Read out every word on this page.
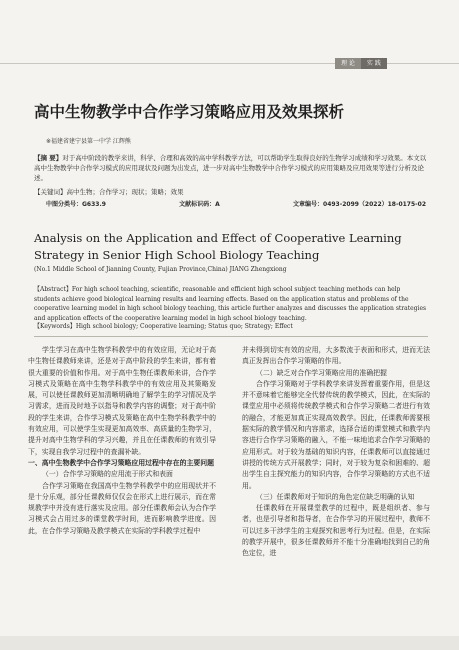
理 论	实 践
高中生物教学中合作学习策略应用及效果探析
※福建省建宁县第一中学 江辉熊
【摘 要】对于高中阶段的教学来讲，科学、合理和高效的高中学科教学方法，可以帮助学生取得良好的生物学习成绩和学习效果。本文以高中生物教学中合作学习模式的应用现状及问题为出发点，进一步对高中生物教学中合作学习模式的应用策略及应用效果等进行分析及论述。
【关键词】高中生物；合作学习；现状；策略；效果
中图分类号：G633.9	文献标识码：A	文章编号：0493-2099（2022）18-0175-02
Analysis on the Application and Effect of Cooperative Learning Strategy in Senior High School Biology Teaching
(No.1 Middle School of Jianning County, Fujian Province,China) JIANG Zhengxiong
【Abstract】For high school teaching, scientific, reasonable and efficient high school subject teaching methods can help students achieve good biological learning results and learning effects. Based on the application status and problems of the cooperative learning model in high school biology teaching, this article further analyzes and discusses the application strategies and application effects of the cooperative learning model in high school biology teaching.
【Keywords】High school biology; Cooperative learning; Status quo; Strategy; Effect

学生学习在高中生物学科教学中的有效应用，无论对于高中生物任课教师来讲，还是对于高中阶段的学生来讲，都有着很大重要的价值和作用。对于高中生物任课教师来讲，合作学习模式及策略在高中生物学科教学中的有效应用及其策略发展，可以使任课教师更加清晰明确地了解学生的学习情况及学习需求，进而及时地予以指导和教学内容的调整；对于高中阶段的学生来讲，合作学习模式及策略在高中生物学科教学中的有效应用，可以使学生实现更加高效率、高质量的生物学习，提升对高中生物学科的学习兴趣，并且在任课教师的有效引导下，实现自我学习过程中的查漏补缺。

一、高中生物教学中合作学习策略应用过程中存在的主要问题
（一）合作学习策略的应用流于形式和表面

合作学习策略在我国高中生物学科教学中的应用现状并不是十分乐观，部分任课教师仅仅会在形式上进行展示，而在常规教学中并没有进行落实及应用。部分任课教师会认为合作学习模式会占用过多的课堂教学时间，进而影响教学进度。因此，在合作学习策略及教学模式在实际的学科教学过程中

并未得到切实有效的应用，大多数流于表面和形式，进而无法真正发挥出合作学习策略的作用。

（二）缺乏对合作学习策略应用的准确把握

合作学习策略对于学科教学来讲发挥着重要作用，但是这并不意味着它能够完全代替传统的教学模式，因此，在实际的课堂应用中必须将传统教学模式和合作学习策略二者进行有效的融合，才能更加真正实现高效教学。因此，任课教师需要根据实际的教学情况和内容需求，选择合适的课堂模式和教学内容进行合作学习策略的融入，不能一味地追求合作学习策略的应用形式。对于较为基础的知识内容，任课教师可以直接通过讲授的传统方式开展教学；同时，对于较为复杂和困难的、超出学生自主探究能力的知识内容，合作学习策略的方式也不适用。

（三）任课教师对于知识的角色定位缺乏明确的认知

任课教师在开展课堂教学的过程中，既是组织者、参与者，也是引导者和指导者，在合作学习的开展过程中，教师不可以过多干涉学生的主观探究和思考行为过程。但是，在实际的教学开展中，很多任课教师并不能十分准确地找到自己的角色定位，进
